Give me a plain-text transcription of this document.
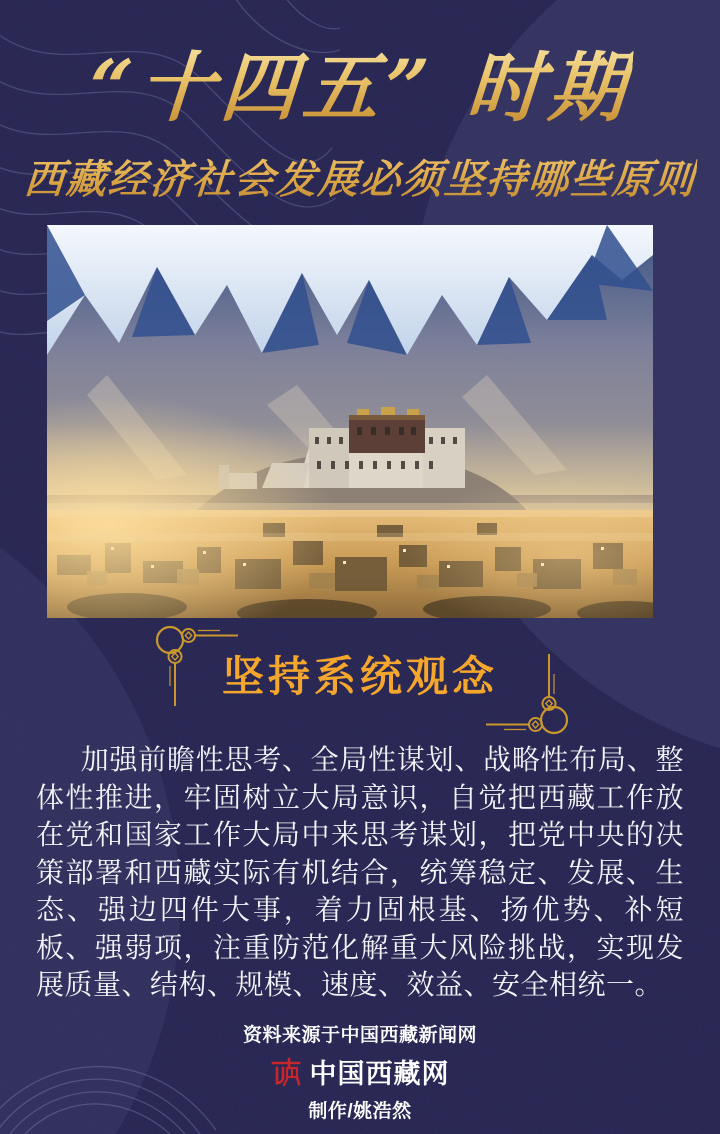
“十四五” 时期
西藏经济社会发展必须坚持哪些原则
坚持系统观念
加强前瞻性思考、全局性谋划、战略性布局、整体性推进，牢固树立大局意识，自觉把西藏工作放在党和国家工作大局中来思考谋划，把党中央的决策部署和西藏实际有机结合，统筹稳定、发展、生态、强边四件大事，着力固根基、扬优势、补短板、强弱项，注重防范化解重大风险挑战，实现发展质量、结构、规模、速度、效益、安全相统一。
资料来源于中国西藏新闻网
中国西藏网
制作/姚浩然
